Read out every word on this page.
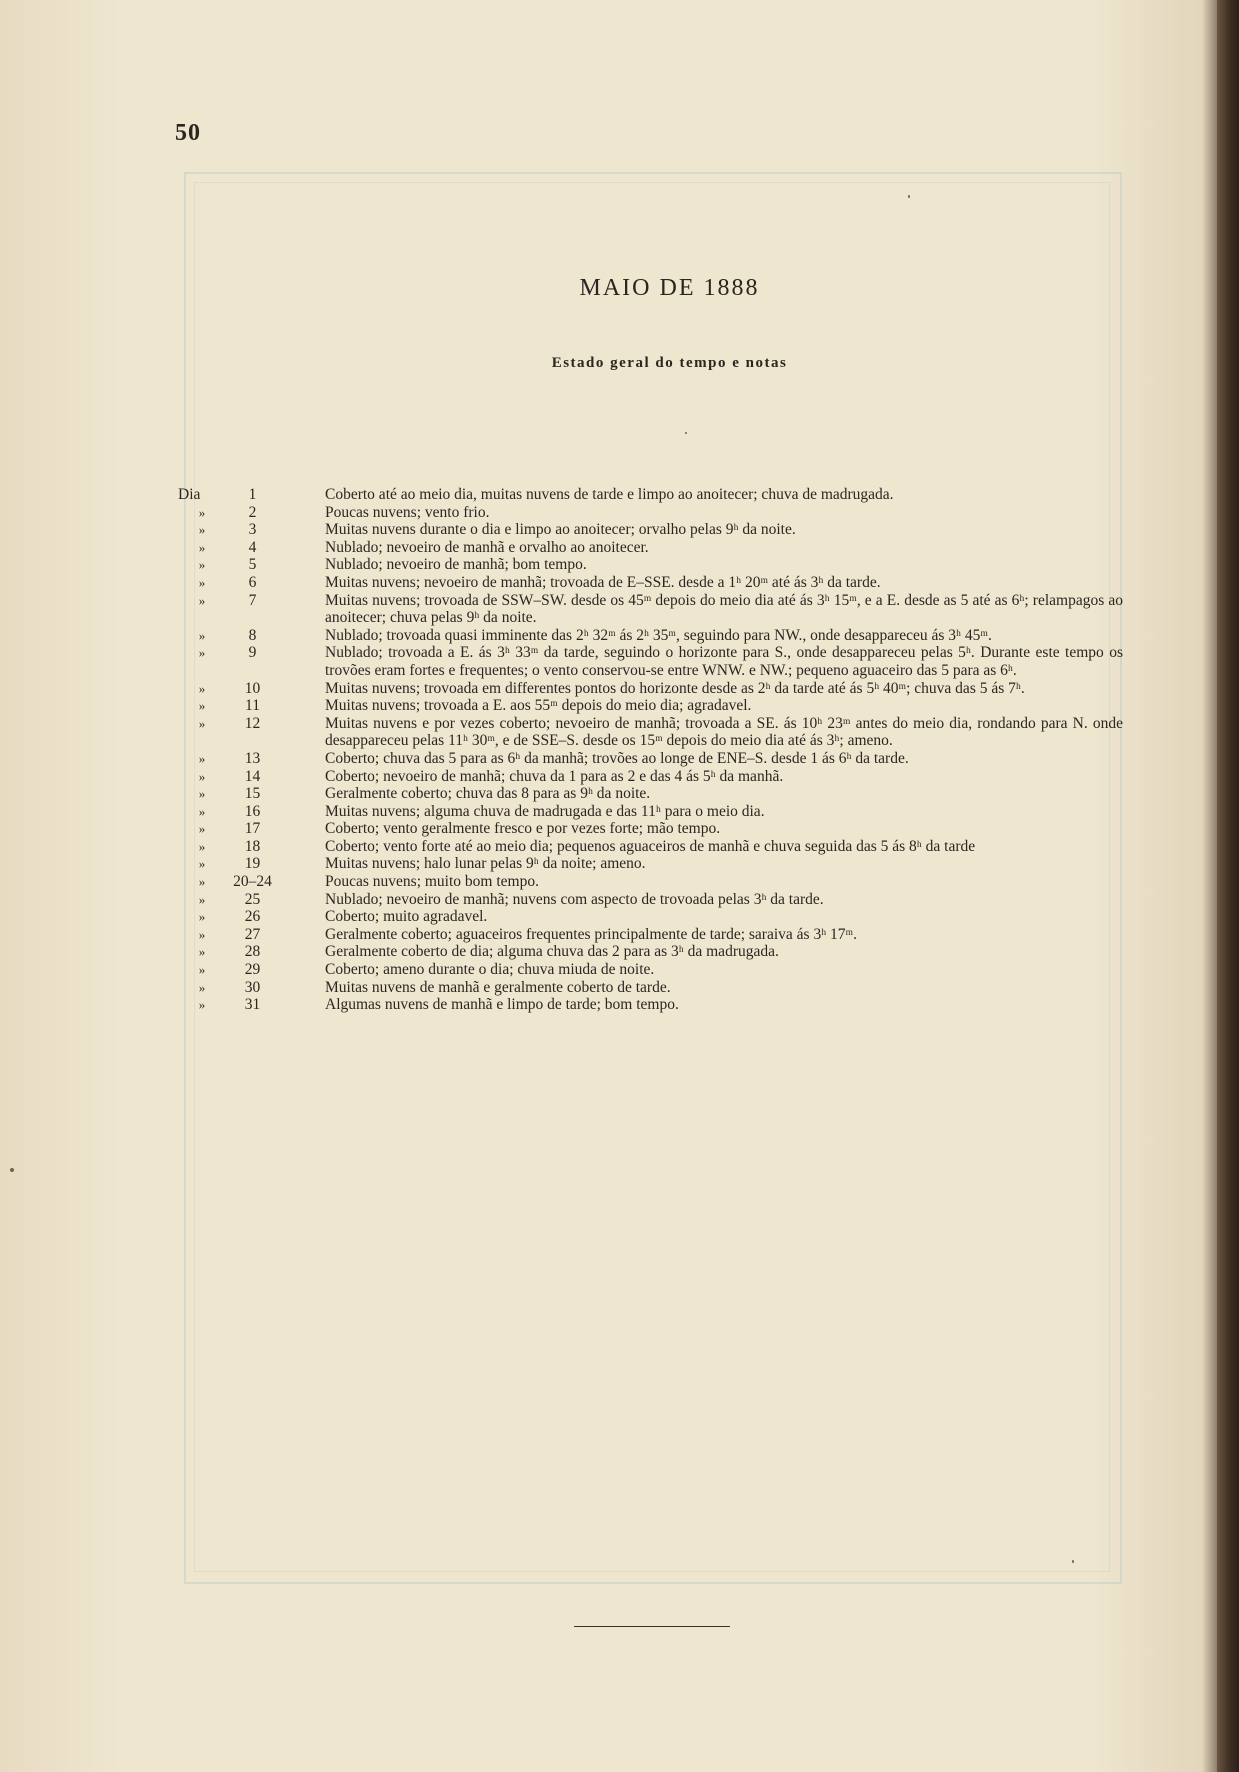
50
MAIO DE 1888
Estado geral do tempo e notas
Dia	1	Coberto até ao meio dia, muitas nuvens de tarde e limpo ao anoitecer; chuva de madrugada.
»	2	Poucas nuvens; vento frio.
»	3	Muitas nuvens durante o dia e limpo ao anoitecer; orvalho pelas 9ʰ da noite.
»	4	Nublado; nevoeiro de manhã e orvalho ao anoitecer.
»	5	Nublado; nevoeiro de manhã; bom tempo.
»	6	Muitas nuvens; nevoeiro de manhã; trovoada de E–SSE. desde a 1ʰ 20ᵐ até ás 3ʰ da tarde.
»	7	Muitas nuvens; trovoada de SSW–SW. desde os 45ᵐ depois do meio dia até ás 3ʰ 15ᵐ, e a E. desde as 5 até as 6ʰ; relampagos ao anoitecer; chuva pelas 9ʰ da noite.
»	8	Nublado; trovoada quasi imminente das 2ʰ 32ᵐ ás 2ʰ 35ᵐ, seguindo para NW., onde desappareceu ás 3ʰ 45ᵐ.
»	9	Nublado; trovoada a E. ás 3ʰ 33ᵐ da tarde, seguindo o horizonte para S., onde desappareceu pelas 5ʰ. Durante este tempo os trovões eram fortes e frequentes; o vento conservou-se entre WNW. e NW.; pequeno aguaceiro das 5 para as 6ʰ.
»	10	Muitas nuvens; trovoada em differentes pontos do horizonte desde as 2ʰ da tarde até ás 5ʰ 40ᵐ; chuva das 5 ás 7ʰ.
»	11	Muitas nuvens; trovoada a E. aos 55ᵐ depois do meio dia; agradavel.
»	12	Muitas nuvens e por vezes coberto; nevoeiro de manhã; trovoada a SE. ás 10ʰ 23ᵐ antes do meio dia, rondando para N. onde desappareceu pelas 11ʰ 30ᵐ, e de SSE–S. desde os 15ᵐ depois do meio dia até ás 3ʰ; ameno.
»	13	Coberto; chuva das 5 para as 6ʰ da manhã; trovões ao longe de ENE–S. desde 1 ás 6ʰ da tarde.
»	14	Coberto; nevoeiro de manhã; chuva da 1 para as 2 e das 4 ás 5ʰ da manhã.
»	15	Geralmente coberto; chuva das 8 para as 9ʰ da noite.
»	16	Muitas nuvens; alguma chuva de madrugada e das 11ʰ para o meio dia.
»	17	Coberto; vento geralmente fresco e por vezes forte; mão tempo.
»	18	Coberto; vento forte até ao meio dia; pequenos aguaceiros de manhã e chuva seguida das 5 ás 8ʰ da tarde
»	19	Muitas nuvens; halo lunar pelas 9ʰ da noite; ameno.
»	20–24	Poucas nuvens; muito bom tempo.
»	25	Nublado; nevoeiro de manhã; nuvens com aspecto de trovoada pelas 3ʰ da tarde.
»	26	Coberto; muito agradavel.
»	27	Geralmente coberto; aguaceiros frequentes principalmente de tarde; saraiva ás 3ʰ 17ᵐ.
»	28	Geralmente coberto de dia; alguma chuva das 2 para as 3ʰ da madrugada.
»	29	Coberto; ameno durante o dia; chuva miuda de noite.
»	30	Muitas nuvens de manhã e geralmente coberto de tarde.
»	31	Algumas nuvens de manhã e limpo de tarde; bom tempo.
